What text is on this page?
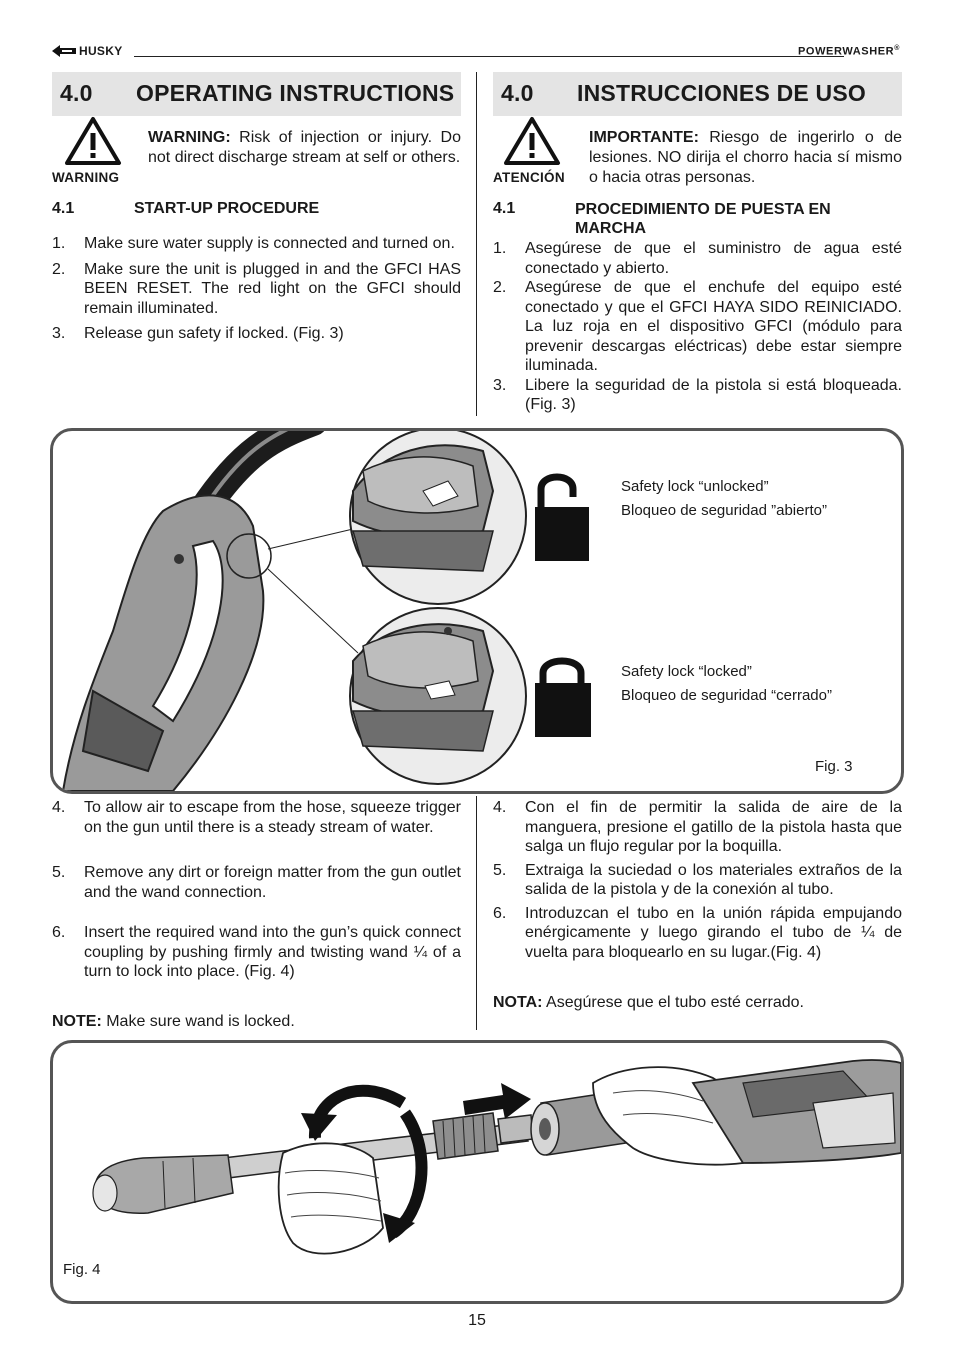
HUSKY	POWERWASHER®
4.0 OPERATING INSTRUCTIONS 4.0 INSTRUCCIONES DE USO
WARNING
WARNING: Risk of injection or injury. Do not direct discharge stream at self or others.
ATENCIÓN
IMPORTANTE: Riesgo de ingerirlo o de lesiones. NO dirija el chorro hacia sí mismo o hacia otras personas.
4.1	START-UP PROCEDURE	4.1	PROCEDIMIENTO DE PUESTA EN MARCHA
1. Make sure water supply is connected and turned on.
2. Make sure the unit is plugged in and the GFCI HAS BEEN RESET. The red light on the GFCI should remain illuminated.
3. Release gun safety if locked. (Fig. 3)
1. Asegúrese de que el suministro de agua esté conectado y abierto.
2. Asegúrese de que el enchufe del equipo esté conectado y que el GFCI HAYA SIDO REINICIADO. La luz roja en el dispositivo GFCI (módulo para prevenir descargas eléctricas) debe estar siempre iluminada.
3. Libere la seguridad de la pistola si está bloqueada. (Fig. 3)
Safety lock “unlocked”
Bloqueo de seguridad ”abierto”
Safety lock “locked”
Bloqueo de seguridad “cerrado”
Fig. 3
4. To allow air to escape from the hose, squeeze trigger on the gun until there is a steady stream of water.
5. Remove any dirt or foreign matter from the gun outlet and the wand connection.
6. Insert the required wand into the gun’s quick connect coupling by pushing firmly and twisting wand ¼ of a turn to lock into place. (Fig. 4)
NOTE: Make sure wand is locked.
4. Con el fin de permitir la salida de aire de la manguera, presione el gatillo de la pistola hasta que salga un flujo regular por la boquilla.
5. Extraiga la suciedad o los materiales extraños de la salida de la pistola y de la conexión al tubo.
6. Introduzcan el tubo en la unión rápida empujando enérgicamente y luego girando el tubo de ¼ de vuelta para bloquearlo en su lugar.(Fig. 4)
NOTA: Asegúrese que el tubo esté cerrado.
Fig. 4
15
